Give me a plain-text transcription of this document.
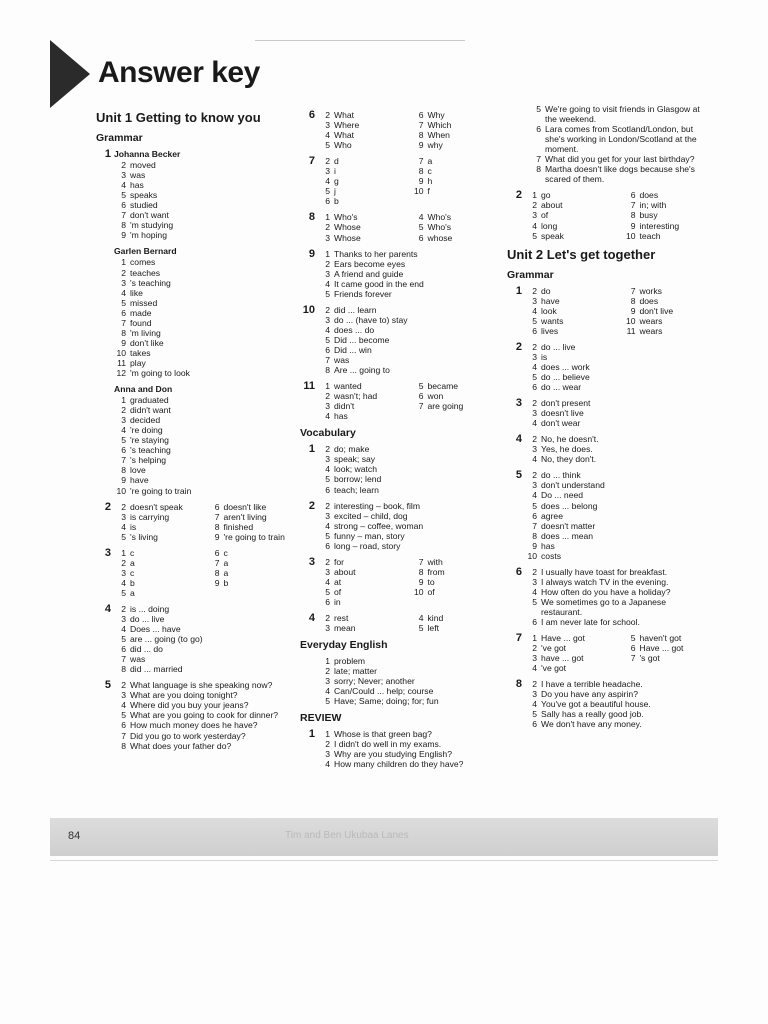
Answer key
Unit 1 Getting to know you
Grammar
1 Johanna Becker
2 moved
3 was
4 has
5 speaks
6 studied
7 don't want
8 'm studying
9 'm hoping
Garlen Bernard
1 comes
2 teaches
3 's teaching
4 like
5 missed
6 made
7 found
8 'm living
9 don't like
10 takes
11 play
12 'm going to look
Anna and Don
1 graduated
2 didn't want
3 decided
4 're doing
5 're staying
6 's teaching
7 's helping
8 love
9 have
10 're going to train
2	2 doesn't speak	6 doesn't like
3 is carrying	7 aren't living
4 is	8 finished
5 's living	9 're going to train
3	1 c	6 c
2 a	7 a
3 c	8 a
4 b	9 b
5 a
4	2 is ... doing
3 do ... live
4 Does ... have
5 are ... going (to go)
6 did ... do
7 was
8 did ... married
5	2 What language is she speaking now?
3 What are you doing tonight?
4 Where did you buy your jeans?
5 What are you going to cook for dinner?
6 How much money does he have?
7 Did you go to work yesterday?
8 What does your father do?
6	2 What	6 Why
3 Where	7 Which
4 What	8 When
5 Who	9 why
7	2 d	7 a
3 i	8 c
4 g	9 h
5 j	10 f
6 b
8	1 Who's	4 Who's
2 Whose	5 Who's
3 Whose	6 whose
9	1 Thanks to her parents
2 Ears become eyes
3 A friend and guide
4 It came good in the end
5 Friends forever
10	2 did ... learn
3 do ... (have to) stay
4 does ... do
5 Did ... become
6 Did ... win
7 was
8 Are ... going to
11	1 wanted	5 became
2 wasn't; had	6 won
3 didn't	7 are going
4 has
Vocabulary
1	2 do; make
3 speak; say
4 look; watch
5 borrow; lend
6 teach; learn
2	2 interesting – book, film
3 excited – child, dog
4 strong – coffee, woman
5 funny – man, story
6 long – road, story
3	2 for	7 with
3 about	8 from
4 at	9 to
5 of	10 of
6 in
4	2 rest	4 kind
3 mean	5 left
Everyday English
1 problem
2 late; matter
3 sorry; Never; another
4 Can/Could ... help; course
5 Have; Same; doing; for; fun
REVIEW
1	1 Whose is that green bag?
2 I didn't do well in my exams.
3 Why are you studying English?
4 How many children do they have?
5 We're going to visit friends in Glasgow at
the weekend.
6 Lara comes from Scotland/London, but
she's working in London/Scotland at the
moment.
7 What did you get for your last birthday?
8 Martha doesn't like dogs because she's
scared of them.
2	1 go	6 does
2 about	7 in; with
3 of	8 busy
4 long	9 interesting
5 speak	10 teach
Unit 2 Let's get together
Grammar
1	2 do	7 works
3 have	8 does
4 look	9 don't live
5 wants	10 wears
6 lives	11 wears
2	2 do ... live
3 is
4 does ... work
5 do ... believe
6 do ... wear
3	2 don't present
3 doesn't live
4 don't wear
4	2 No, he doesn't.
3 Yes, he does.
4 No, they don't.
5	2 do ... think
3 don't understand
4 Do ... need
5 does ... belong
6 agree
7 doesn't matter
8 does ... mean
9 has
10 costs
6	2 I usually have toast for breakfast.
3 I always watch TV in the evening.
4 How often do you have a holiday?
5 We sometimes go to a Japanese
restaurant.
6 I am never late for school.
7	1 Have ... got	5 haven't got
2 've got	6 Have ... got
3 have ... got	7 's got
4 've got
8	2 I have a terrible headache.
3 Do you have any aspirin?
4 You've got a beautiful house.
5 Sally has a really good job.
6 We don't have any money.
84	Tim and Ben Ukubaa Lanes
